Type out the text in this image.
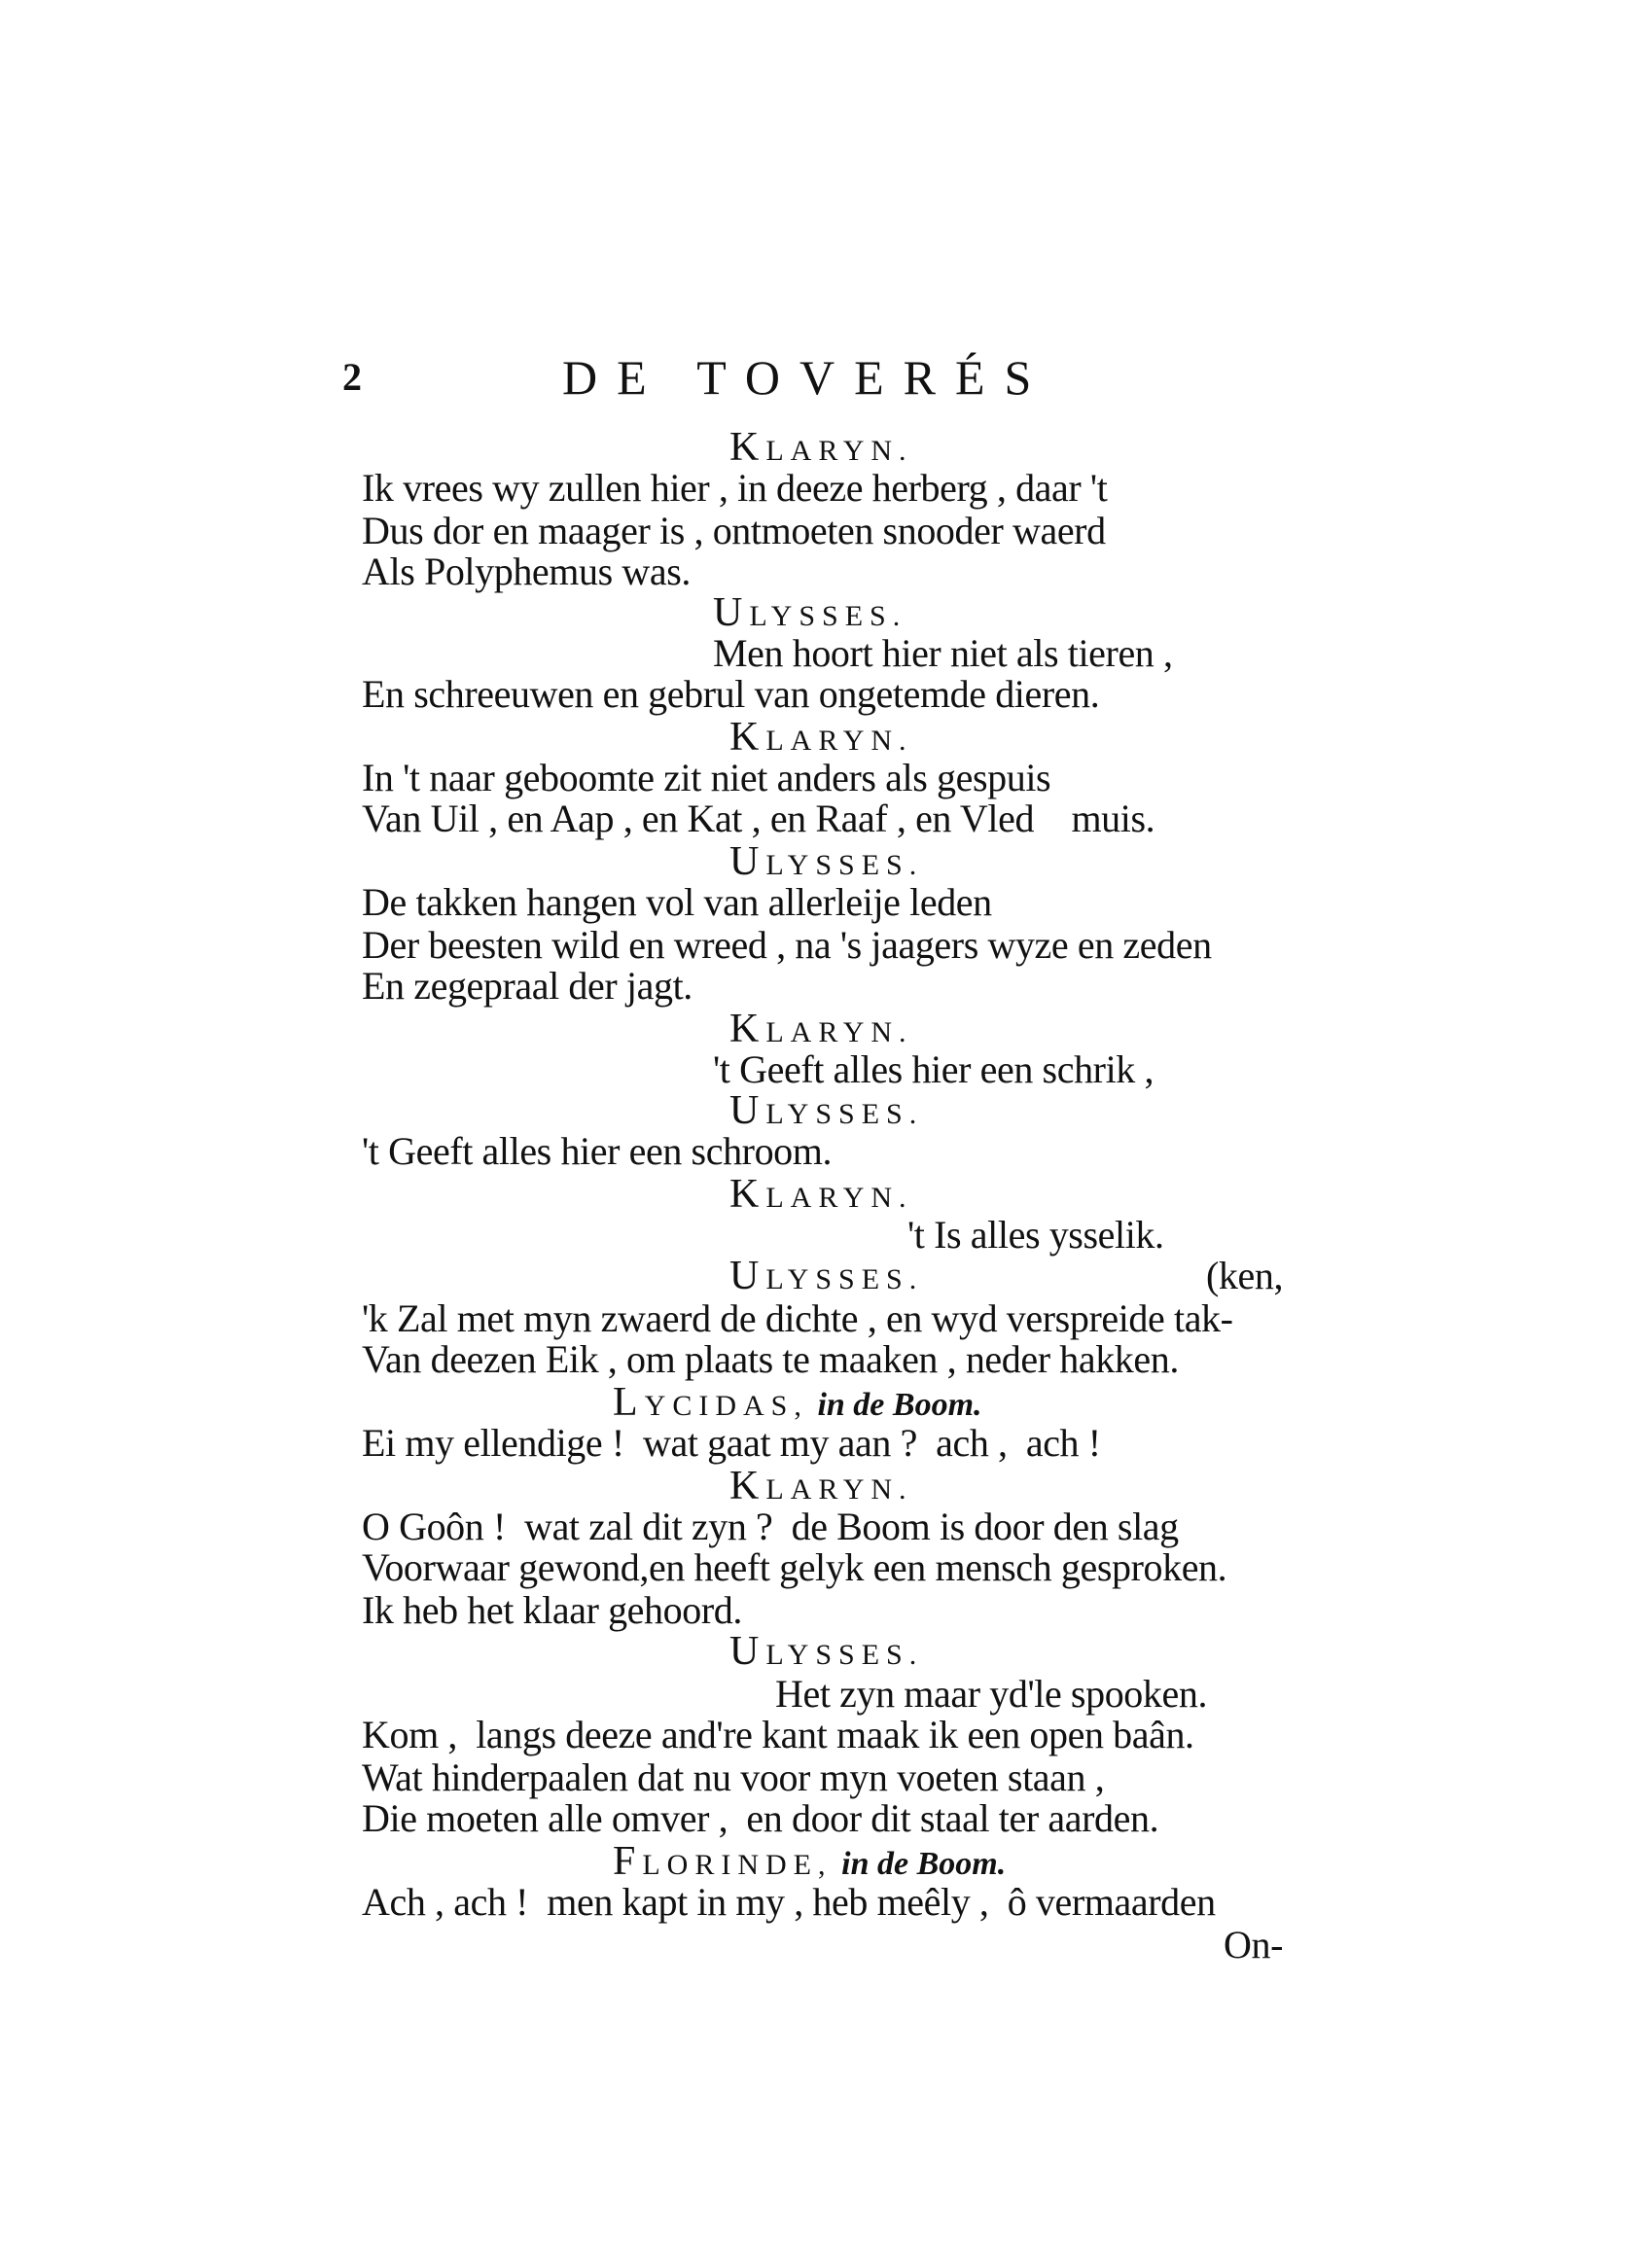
2	DE TOVERÉS
KLARYN.
Ik vrees wy zullen hier , in deeze herberg , daar 't
Dus dor en maager is , ontmoeten snooder waerd
Als Polyphemus was.
ULYSSES.
Men hoort hier niet als tieren ,
En schreeuwen en gebrul van ongetemde dieren.
KLARYN.
In 't naar geboomte zit niet anders als gespuis
Van Uil , en Aap , en Kat , en Raaf , en Vled    muis.
ULYSSES.
De takken hangen vol van allerleije leden
Der beesten wild en wreed , na 's jaagers wyze en zeden
En zegepraal der jagt.
KLARYN.
't Geeft alles hier een schrik ,
ULYSSES.
't Geeft alles hier een schroom.
KLARYN.
't Is alles ysselik.
ULYSSES.	(ken,
'k Zal met myn zwaerd de dichte , en wyd verspreide tak-
Van deezen Eik , om plaats te maaken , neder hakken.
LYCIDAS, in de Boom.
Ei my ellendige !  wat gaat my aan ?  ach ,  ach !
KLARYN.
O Goôn !  wat zal dit zyn ?  de Boom is door den slag
Voorwaar gewond,en heeft gelyk een mensch gesproken.
Ik heb het klaar gehoord.
ULYSSES.
Het zyn maar yd'le spooken.
Kom ,  langs deeze and're kant maak ik een open baân.
Wat hinderpaalen dat nu voor myn voeten staan ,
Die moeten alle omver ,  en door dit staal ter aarden.
FLORINDE, in de Boom.
Ach , ach !  men kapt in my , heb meêly ,  ô vermaarden
On-
